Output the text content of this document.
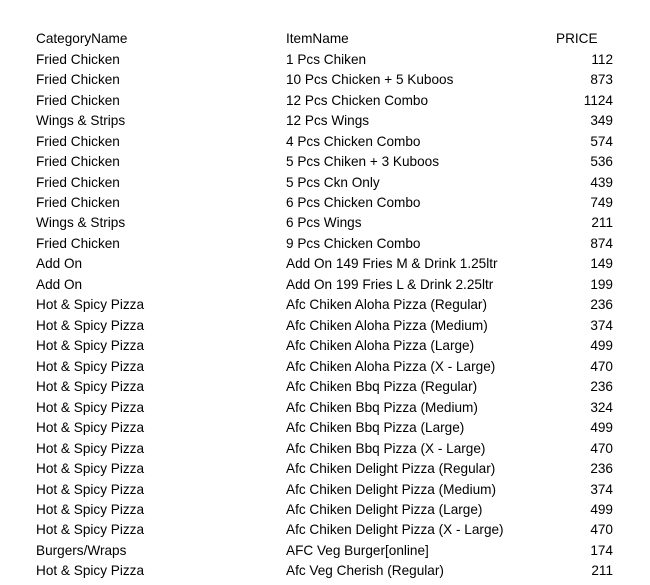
CategoryName	ItemName	PRICE
Fried Chicken	1 Pcs Chiken	112
Fried Chicken	10 Pcs Chicken + 5 Kuboos	873
Fried Chicken	12 Pcs Chicken Combo	1124
Wings & Strips	12 Pcs Wings	349
Fried Chicken	4 Pcs Chicken Combo	574
Fried Chicken	5 Pcs Chiken + 3 Kuboos	536
Fried Chicken	5 Pcs Ckn Only	439
Fried Chicken	6 Pcs Chicken Combo	749
Wings & Strips	6 Pcs Wings	211
Fried Chicken	9 Pcs Chicken Combo	874
Add On	Add On 149 Fries M & Drink 1.25ltr	149
Add On	Add On 199 Fries L & Drink 2.25ltr	199
Hot & Spicy Pizza	Afc Chiken Aloha Pizza (Regular)	236
Hot & Spicy Pizza	Afc Chiken Aloha Pizza (Medium)	374
Hot & Spicy Pizza	Afc Chiken Aloha Pizza (Large)	499
Hot & Spicy Pizza	Afc Chiken Aloha Pizza (X - Large)	470
Hot & Spicy Pizza	Afc Chiken Bbq Pizza (Regular)	236
Hot & Spicy Pizza	Afc Chiken Bbq Pizza (Medium)	324
Hot & Spicy Pizza	Afc Chiken Bbq Pizza (Large)	499
Hot & Spicy Pizza	Afc Chiken Bbq Pizza (X - Large)	470
Hot & Spicy Pizza	Afc Chiken Delight Pizza (Regular)	236
Hot & Spicy Pizza	Afc Chiken Delight Pizza (Medium)	374
Hot & Spicy Pizza	Afc Chiken Delight Pizza (Large)	499
Hot & Spicy Pizza	Afc Chiken Delight Pizza (X - Large)	470
Burgers/Wraps	AFC Veg Burger[online]	174
Hot & Spicy Pizza	Afc Veg Cherish (Regular)	211
